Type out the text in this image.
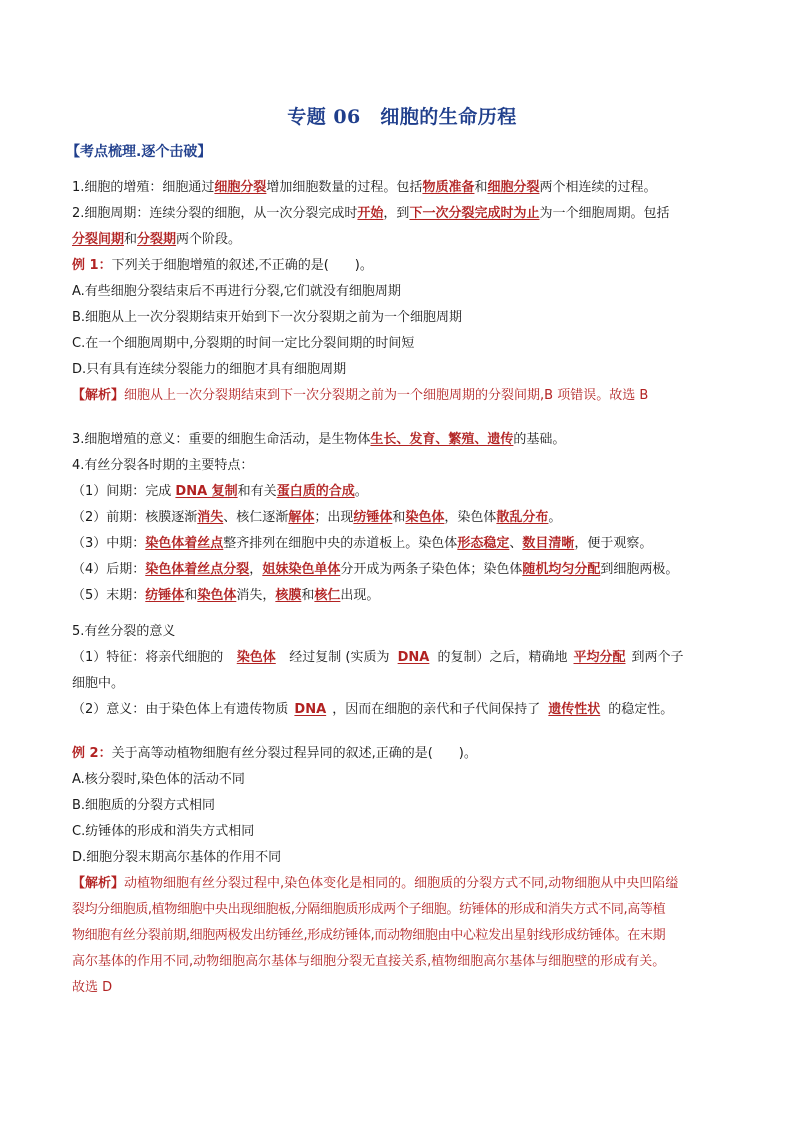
专题 06　细胞的生命历程
【考点梳理.逐个击破】
1.细胞的增殖：细胞通过细胞分裂增加细胞数量的过程。包括物质准备和细胞分裂两个相连续的过程。
2.细胞周期：连续分裂的细胞，从一次分裂完成时开始，到下一次分裂完成时为止为一个细胞周期。包括
分裂间期和分裂期两个阶段。
例 1：下列关于细胞增殖的叙述,不正确的是(　　)。
A.有些细胞分裂结束后不再进行分裂,它们就没有细胞周期
B.细胞从上一次分裂期结束开始到下一次分裂期之前为一个细胞周期
C.在一个细胞周期中,分裂期的时间一定比分裂间期的时间短
D.只有具有连续分裂能力的细胞才具有细胞周期
【解析】细胞从上一次分裂期结束到下一次分裂期之前为一个细胞周期的分裂间期,B 项错误。故选 B
3.细胞增殖的意义：重要的细胞生命活动，是生物体生长、发育、繁殖、遗传的基础。
4.有丝分裂各时期的主要特点：
（1）间期：完成 DNA 复制和有关蛋白质的合成。
（2）前期：核膜逐渐消失、核仁逐渐解体；出现纺锤体和染色体，染色体散乱分布。
（3）中期：染色体着丝点整齐排列在细胞中央的赤道板上。染色体形态稳定、数目清晰，便于观察。
（4）后期：染色体着丝点分裂，姐妹染色单体分开成为两条子染色体；染色体随机均匀分配到细胞两极。
（5）末期：纺锤体和染色体消失，核膜和核仁出现。
5.有丝分裂的意义
（1）特征：将亲代细胞的 染色体 经过复制 (实质为 DNA 的复制）之后，精确地 平均分配 到两个子
细胞中。
（2）意义：由于染色体上有遗传物质 DNA ，因而在细胞的亲代和子代间保持了 遗传性状 的稳定性。
例 2：关于高等动植物细胞有丝分裂过程异同的叙述,正确的是(　　)。
A.核分裂时,染色体的活动不同
B.细胞质的分裂方式相同
C.纺锤体的形成和消失方式相同
D.细胞分裂末期高尔基体的作用不同
【解析】动植物细胞有丝分裂过程中,染色体变化是相同的。细胞质的分裂方式不同,动物细胞从中央凹陷缢
裂均分细胞质,植物细胞中央出现细胞板,分隔细胞质形成两个子细胞。纺锤体的形成和消失方式不同,高等植
物细胞有丝分裂前期,细胞两极发出纺锤丝,形成纺锤体,而动物细胞由中心粒发出星射线形成纺锤体。在末期
高尔基体的作用不同,动物细胞高尔基体与细胞分裂无直接关系,植物细胞高尔基体与细胞壁的形成有关。
故选 D
